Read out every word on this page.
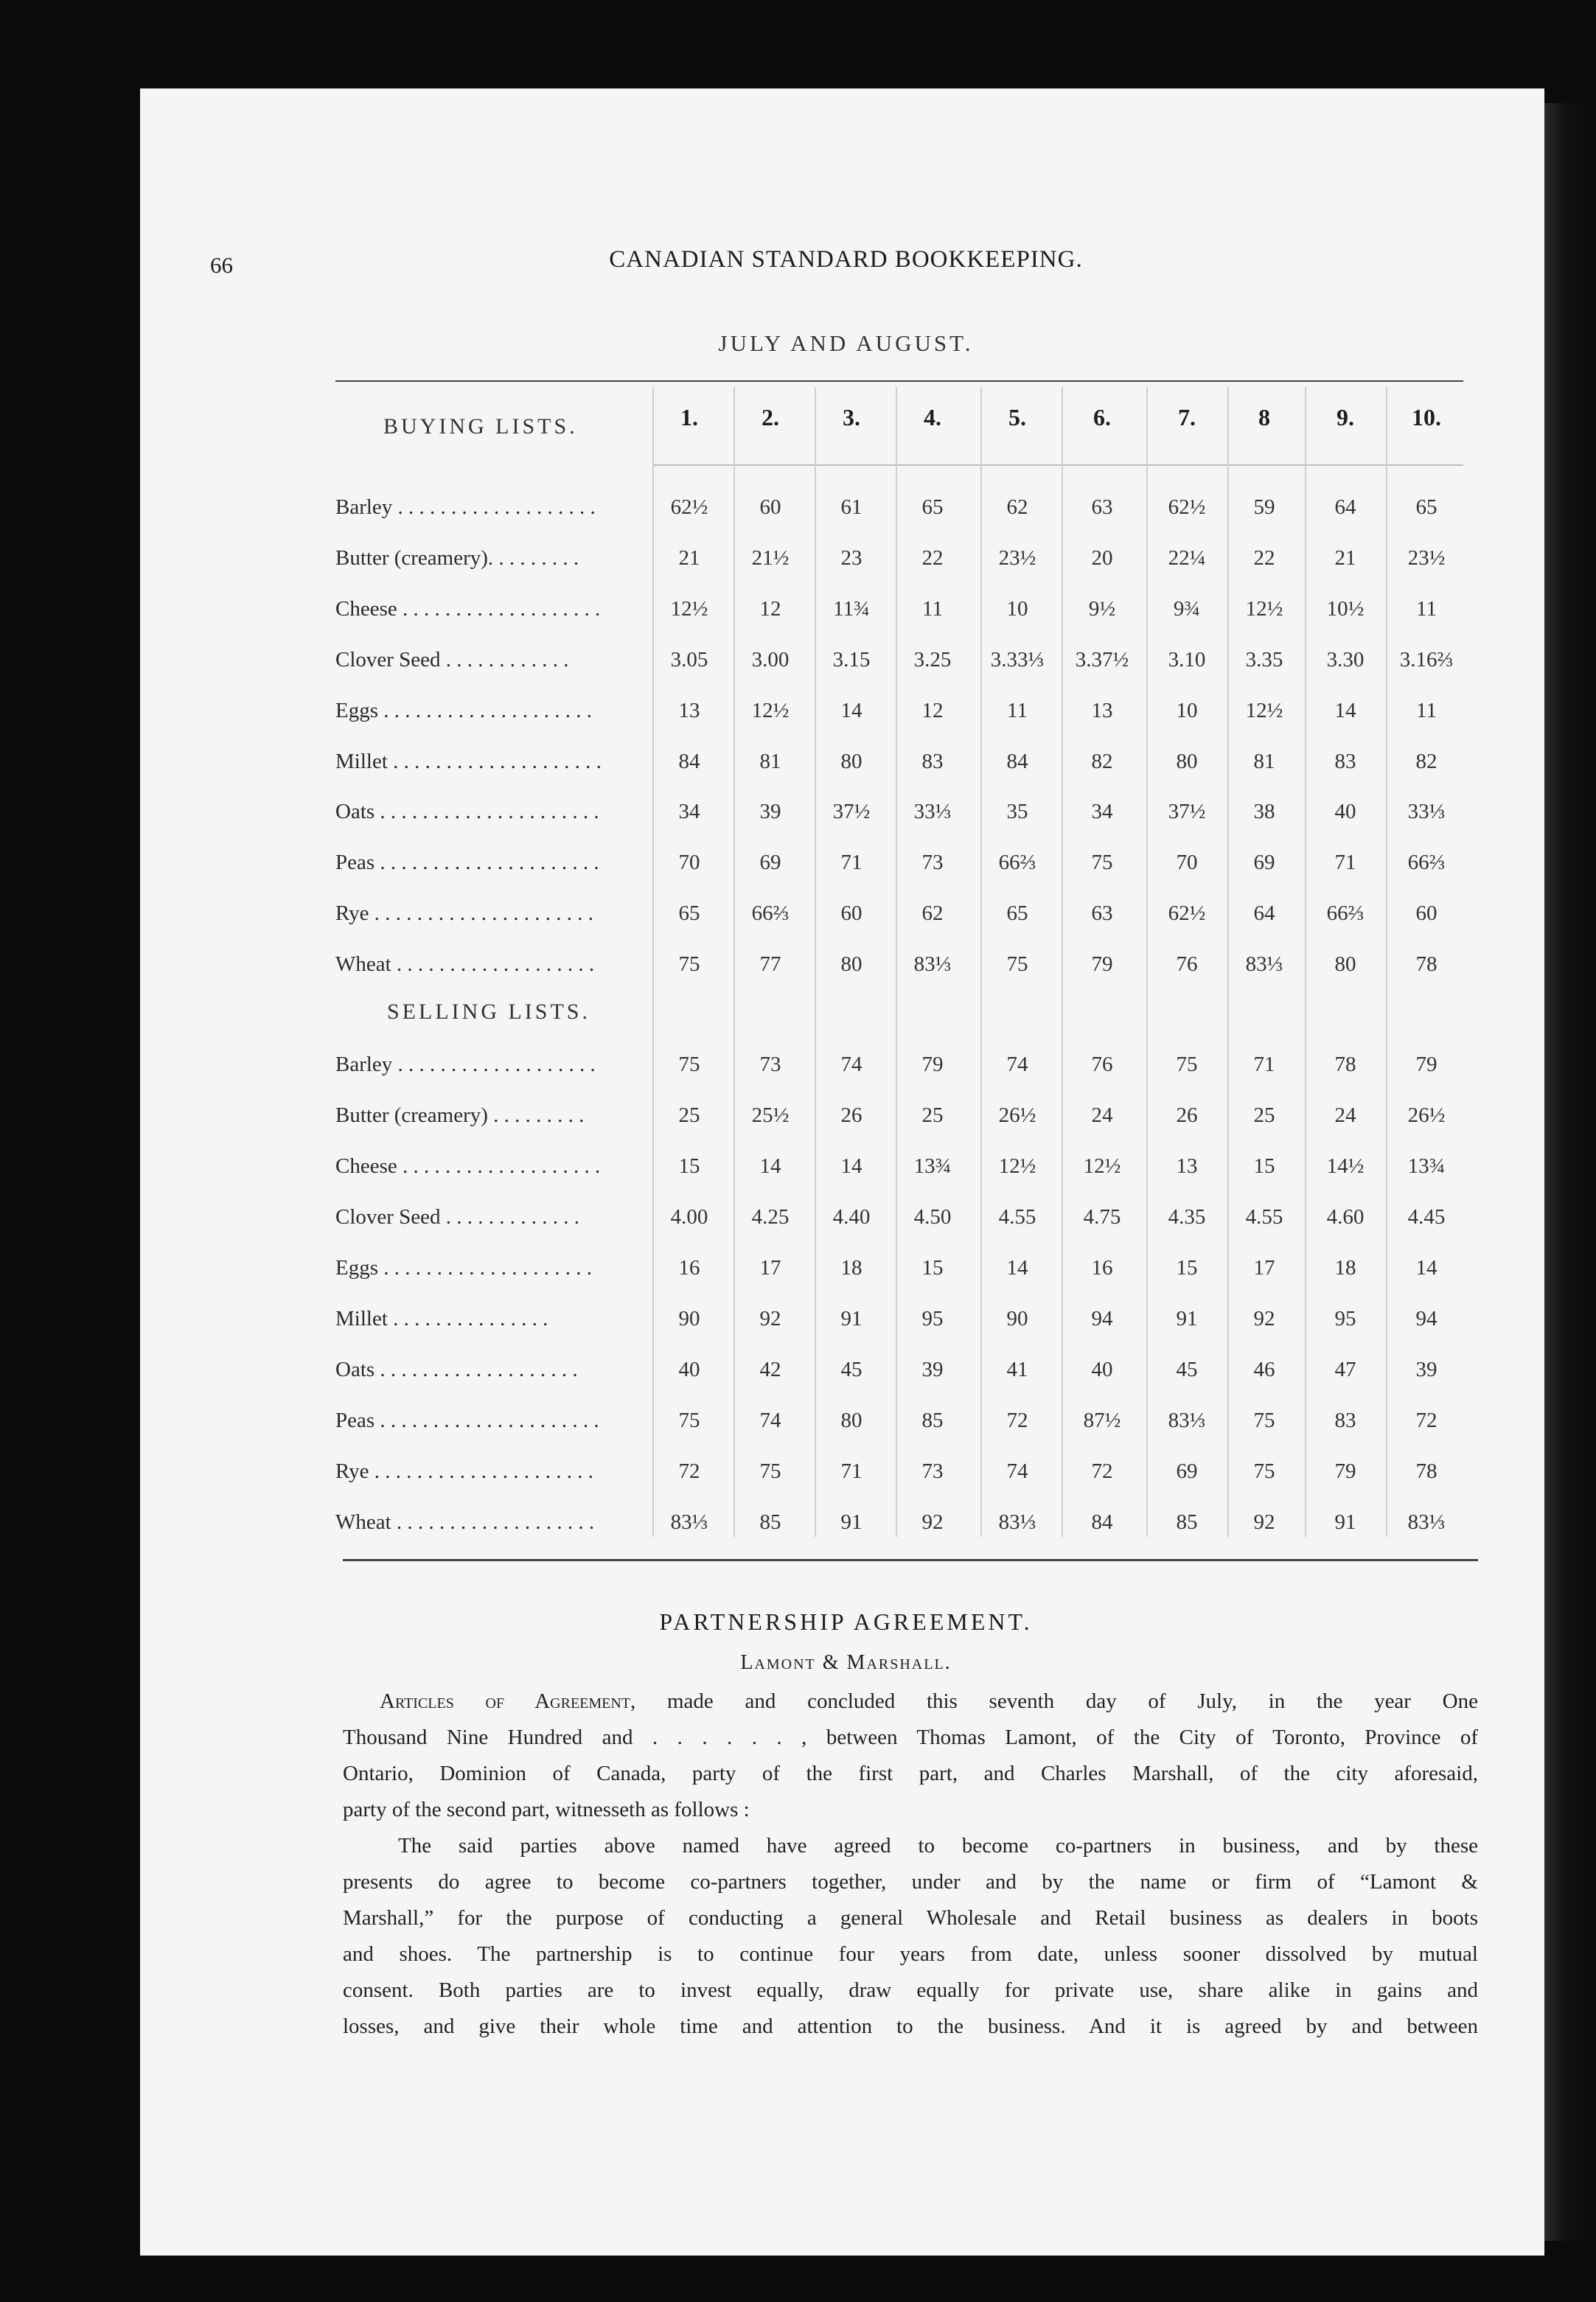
66	CANADIAN STANDARD BOOKKEEPING.
JULY AND AUGUST.
BUYING LISTS.
SELLING LISTS.
1.	2.	3.	4.	5.	6.	7.	8	9.	10.
Barley . . . . . . . . . . . . . . . . . . .	62½	60	61	65	62	63	62½	59	64	65
Butter (creamery). . . . . . . . .	21	21½	23	22	23½	20	22¼	22	21	23½
Cheese . . . . . . . . . . . . . . . . . . .	12½	12	11¾	11	10	9½	9¾	12½	10½	11
Clover Seed . . . . . . . . . . . .	3.05	3.00	3.15	3.25	3.33⅓	3.37½	3.10	3.35	3.30	3.16⅔
Eggs . . . . . . . . . . . . . . . . . . . .	13	12½	14	12	11	13	10	12½	14	11
Millet . . . . . . . . . . . . . . . . . . . .	84	81	80	83	84	82	80	81	83	82
Oats . . . . . . . . . . . . . . . . . . . . .	34	39	37½	33⅓	35	34	37½	38	40	33⅓
Peas . . . . . . . . . . . . . . . . . . . . .	70	69	71	73	66⅔	75	70	69	71	66⅔
Rye . . . . . . . . . . . . . . . . . . . . .	65	66⅔	60	62	65	63	62½	64	66⅔	60
Wheat . . . . . . . . . . . . . . . . . . .	75	77	80	83⅓	75	79	76	83⅓	80	78
Barley . . . . . . . . . . . . . . . . . . .	75	73	74	79	74	76	75	71	78	79
Butter (creamery) . . . . . . . . .	25	25½	26	25	26½	24	26	25	24	26½
Cheese . . . . . . . . . . . . . . . . . . .	15	14	14	13¾	12½	12½	13	15	14½	13¾
Clover Seed . . . . . . . . . . . . .	4.00	4.25	4.40	4.50	4.55	4.75	4.35	4.55	4.60	4.45
Eggs . . . . . . . . . . . . . . . . . . . .	16	17	18	15	14	16	15	17	18	14
Millet . . . . . . . . . . . . . . .	90	92	91	95	90	94	91	92	95	94
Oats . . . . . . . . . . . . . . . . . . .	40	42	45	39	41	40	45	46	47	39
Peas . . . . . . . . . . . . . . . . . . . . .	75	74	80	85	72	87½	83⅓	75	83	72
Rye . . . . . . . . . . . . . . . . . . . . .	72	75	71	73	74	72	69	75	79	78
Wheat . . . . . . . . . . . . . . . . . . .	83⅓	85	91	92	83⅓	84	85	92	91	83⅓
PARTNERSHIP AGREEMENT.
Lamont & Marshall.
Articles of Agreement, made and concluded this seventh day of July, in the year One
Thousand Nine Hundred and . . . . . . , between Thomas Lamont, of the City of Toronto, Province of
Ontario, Dominion of Canada, party of the first part, and Charles Marshall, of the city aforesaid,
party of the second part, witnesseth as follows :
The said parties above named have agreed to become co-partners in business, and by these
presents do agree to become co-partners together, under and by the name or firm of “Lamont &
Marshall,” for the purpose of conducting a general Wholesale and Retail business as dealers in boots
and shoes. The partnership is to continue four years from date, unless sooner dissolved by mutual
consent. Both parties are to invest equally, draw equally for private use, share alike in gains and
losses, and give their whole time and attention to the business. And it is agreed by and between
